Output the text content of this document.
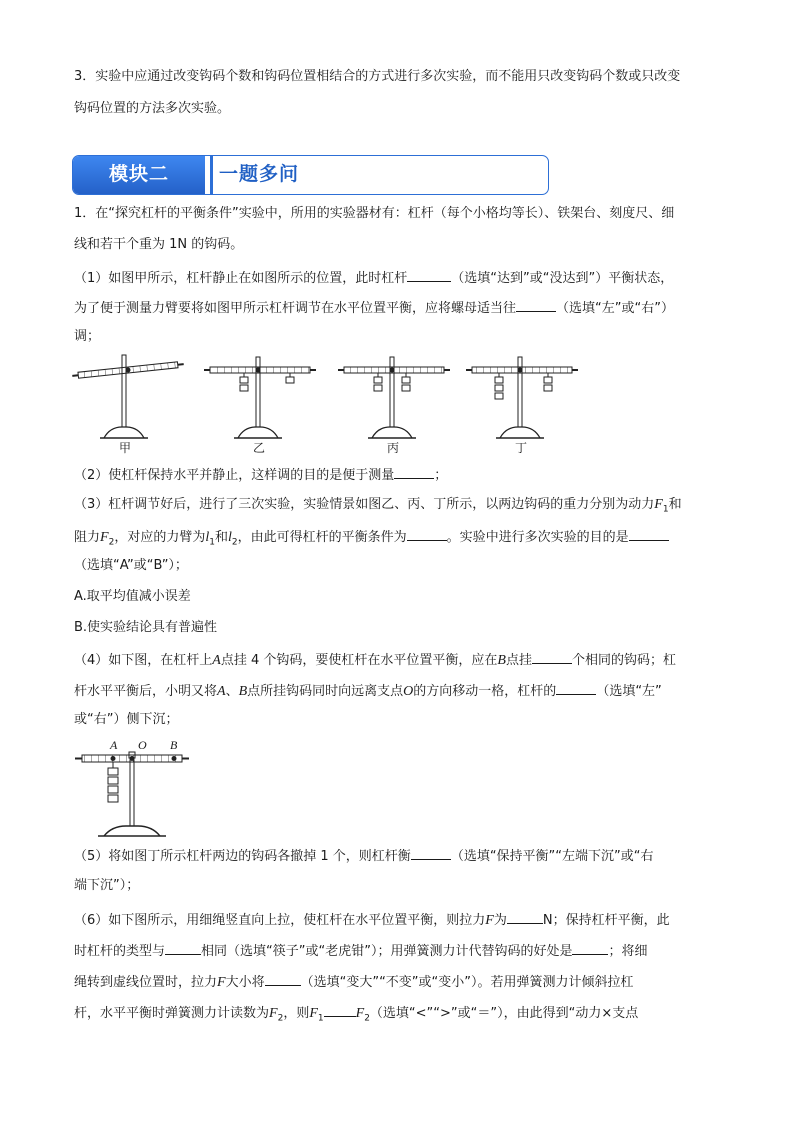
3．实验中应通过改变钩码个数和钩码位置相结合的方式进行多次实验，而不能用只改变钩码个数或只改变
钩码位置的方法多次实验。
模块二	一题多问
1．在“探究杠杆的平衡条件”实验中，所用的实验器材有：杠杆（每个小格均等长）、铁架台、刻度尺、细
线和若干个重为 1N 的钩码。
（1）如图甲所示，杠杆静止在如图所示的位置，此时杠杆	（选填“达到”或“没达到”）平衡状态，
为了便于测量力臂要将如图甲所示杠杆调节在水平位置平衡，应将螺母适当往	（选填“左”或“右”）
调；
甲	乙	丙	丁
（2）使杠杆保持水平并静止，这样调的目的是便于测量	；
（3）杠杆调节好后，进行了三次实验，实验情景如图乙、丙、丁所示，以两边钩码的重力分别为动力$F_1$和
阻力$F_2$，对应的力臂为$l_1$和$l_2$，由此可得杠杆的平衡条件为	。实验中进行多次实验的目的是
（选填“A”或“B”）；
A.取平均值减小误差
B.使实验结论具有普遍性
（4）如下图，在杠杆上A点挂 4 个钩码，要使杠杆在水平位置平衡，应在B点挂	个相同的钩码；杠
杆水平平衡后，小明又将A、B点所挂钩码同时向远离支点O的方向移动一格，杠杆的	（选填“左”
或“右”）侧下沉；
A O B
（5）将如图丁所示杠杆两边的钩码各撤掉 1 个，则杠杆衡	（选填“保持平衡”“左端下沉”或“右
端下沉”）；
（6）如下图所示，用细绳竖直向上拉，使杠杆在水平位置平衡，则拉力F为	N；保持杠杆平衡，此
时杠杆的类型与	相同（选填“筷子”或“老虎钳”）；用弹簧测力计代替钩码的好处是	；将细
绳转到虚线位置时，拉力F大小将	（选填“变大”“不变”或“变小”）。若用弹簧测力计倾斜拉杠
杆，水平平衡时弹簧测力计读数为$F_2$，则$F_1$ $F_2$（选填“<”“>”或“＝”），由此得到“动力×支点
